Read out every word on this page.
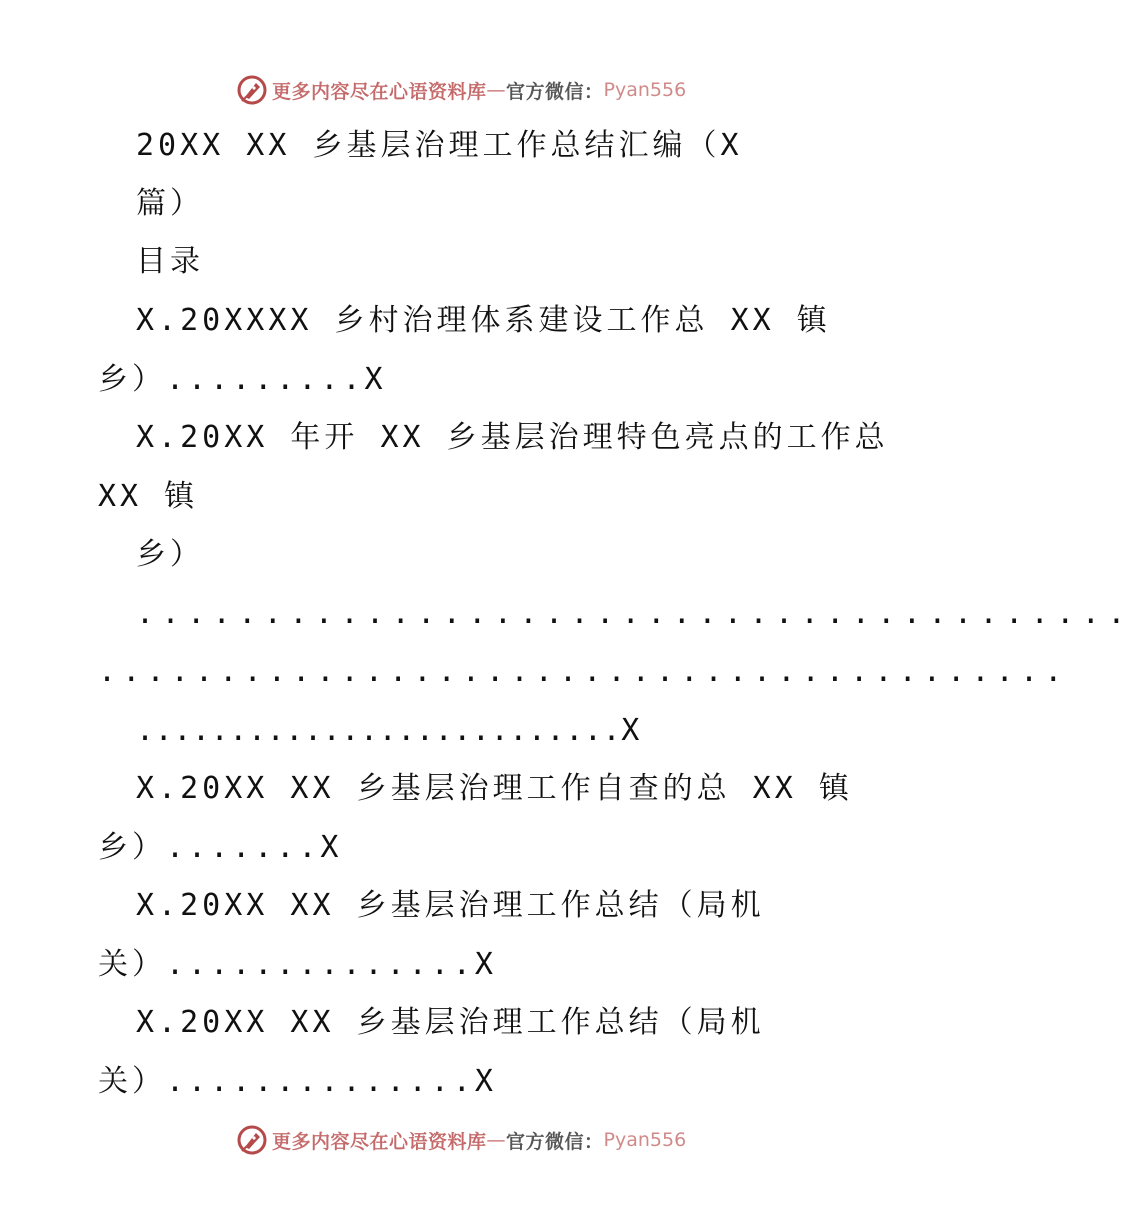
更多内容尽在心语资料库 — 官方微信： Pyan556
20XX XX 乡基层治理工作总结汇编（X
篇）
目录
X.20XXXX 乡村治理体系建设工作总 XX 镇
乡）.........X
X.20XX 年开 XX 乡基层治理特色亮点的工作总
XX 镇
乡）
.......................................
........................................
..........................X
X.20XX XX 乡基层治理工作自查的总 XX 镇
乡）.......X
X.20XX XX 乡基层治理工作总结（局机
关）..............X
X.20XX XX 乡基层治理工作总结（局机
关）..............X
更多内容尽在心语资料库 — 官方微信： Pyan556
